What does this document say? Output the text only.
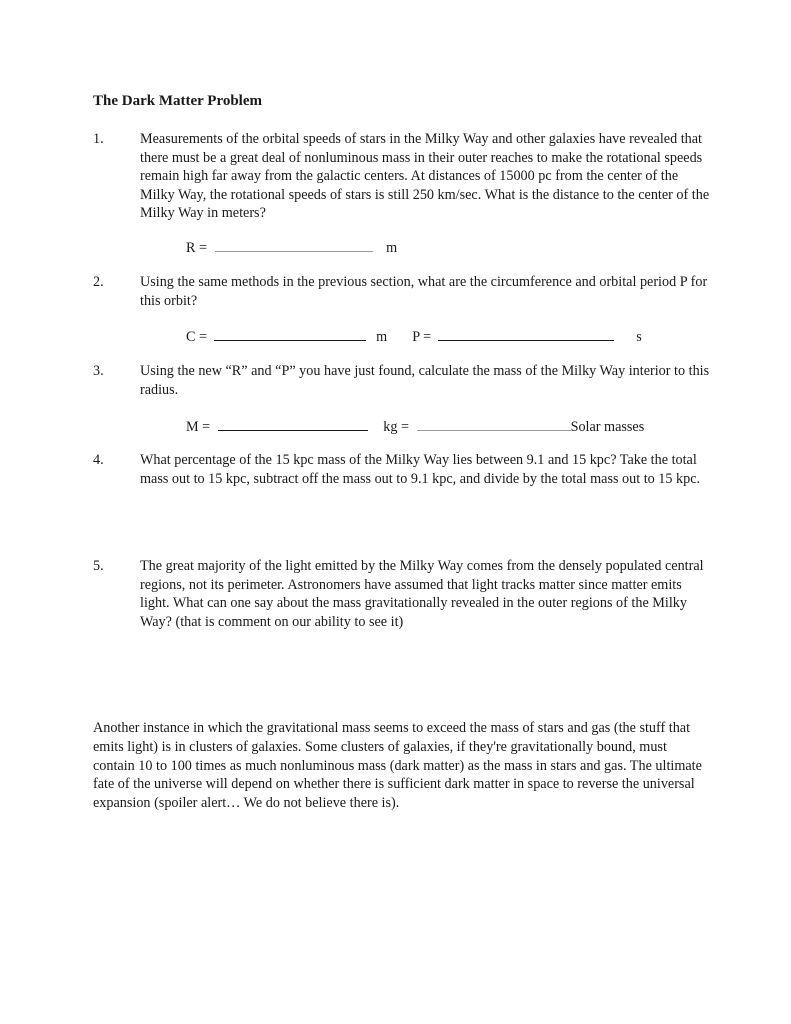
The Dark Matter Problem
1.	Measurements of the orbital speeds of stars in the Milky Way and other galaxies have revealed that there must be a great deal of nonluminous mass in their outer reaches to make the rotational speeds remain high far away from the galactic centers. At distances of 15000 pc from the center of the Milky Way, the rotational speeds of stars is still 250 km/sec. What is the distance to the center of the Milky Way in meters?
R =	m
2.	Using the same methods in the previous section, what are the circumference and orbital period P for this orbit?
C =	m P =	s
3.	Using the new “R” and “P” you have just found, calculate the mass of the Milky Way interior to this radius.
M =	kg =	Solar masses
4.	What percentage of the 15 kpc mass of the Milky Way lies between 9.1 and 15 kpc? Take the total mass out to 15 kpc, subtract off the mass out to 9.1 kpc, and divide by the total mass out to 15 kpc.
5.	The great majority of the light emitted by the Milky Way comes from the densely populated central regions, not its perimeter. Astronomers have assumed that light tracks matter since matter emits light. What can one say about the mass gravitationally revealed in the outer regions of the Milky Way? (that is comment on our ability to see it)
Another instance in which the gravitational mass seems to exceed the mass of stars and gas (the stuff that emits light) is in clusters of galaxies. Some clusters of galaxies, if they're gravitationally bound, must contain 10 to 100 times as much nonluminous mass (dark matter) as the mass in stars and gas. The ultimate fate of the universe will depend on whether there is sufficient dark matter in space to reverse the universal expansion (spoiler alert… We do not believe there is).
